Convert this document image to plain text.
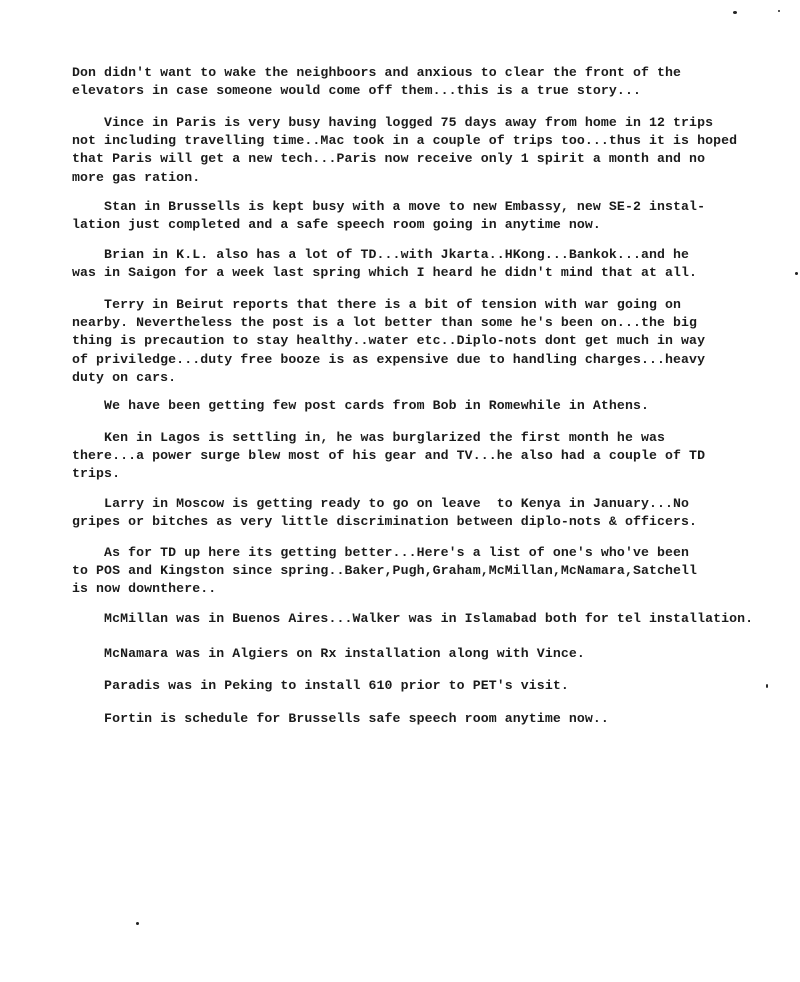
Don didn't want to wake the neighboors and anxious to clear the front of the
elevators in case someone would come off them...this is a true story...

Vince in Paris is very busy having logged 75 days away from home in 12 trips
not including travelling time..Mac took in a couple of trips too...thus it is hoped
that Paris will get a new tech...Paris now receive only 1 spirit a month and no
more gas ration.

Stan in Brussells is kept busy with a move to new Embassy, new SE-2 instal-
lation just completed and a safe speech room going in anytime now.

Brian in K.L. also has a lot of TD...with Jkarta..HKong...Bankok...and he
was in Saigon for a week last spring which I heard he didn't mind that at all.

Terry in Beirut reports that there is a bit of tension with war going on
nearby. Nevertheless the post is a lot better than some he's been on...the big
thing is precaution to stay healthy..water etc..Diplo-nots dont get much in way
of priviledge...duty free booze is as expensive due to handling charges...heavy
duty on cars.

We have been getting few post cards from Bob in Romewhile in Athens.

Ken in Lagos is settling in, he was burglarized the first month he was
there...a power surge blew most of his gear and TV...he also had a couple of TD
trips.

Larry in Moscow is getting ready to go on leave  to Kenya in January...No
gripes or bitches as very little discrimination between diplo-nots & officers.

As for TD up here its getting better...Here's a list of one's who've been
to POS and Kingston since spring..Baker,Pugh,Graham,McMillan,McNamara,Satchell
is now downthere..

McMillan was in Buenos Aires...Walker was in Islamabad both for tel installation.

McNamara was in Algiers on Rx installation along with Vince.

Paradis was in Peking to install 610 prior to PET's visit.

Fortin is schedule for Brussells safe speech room anytime now..
